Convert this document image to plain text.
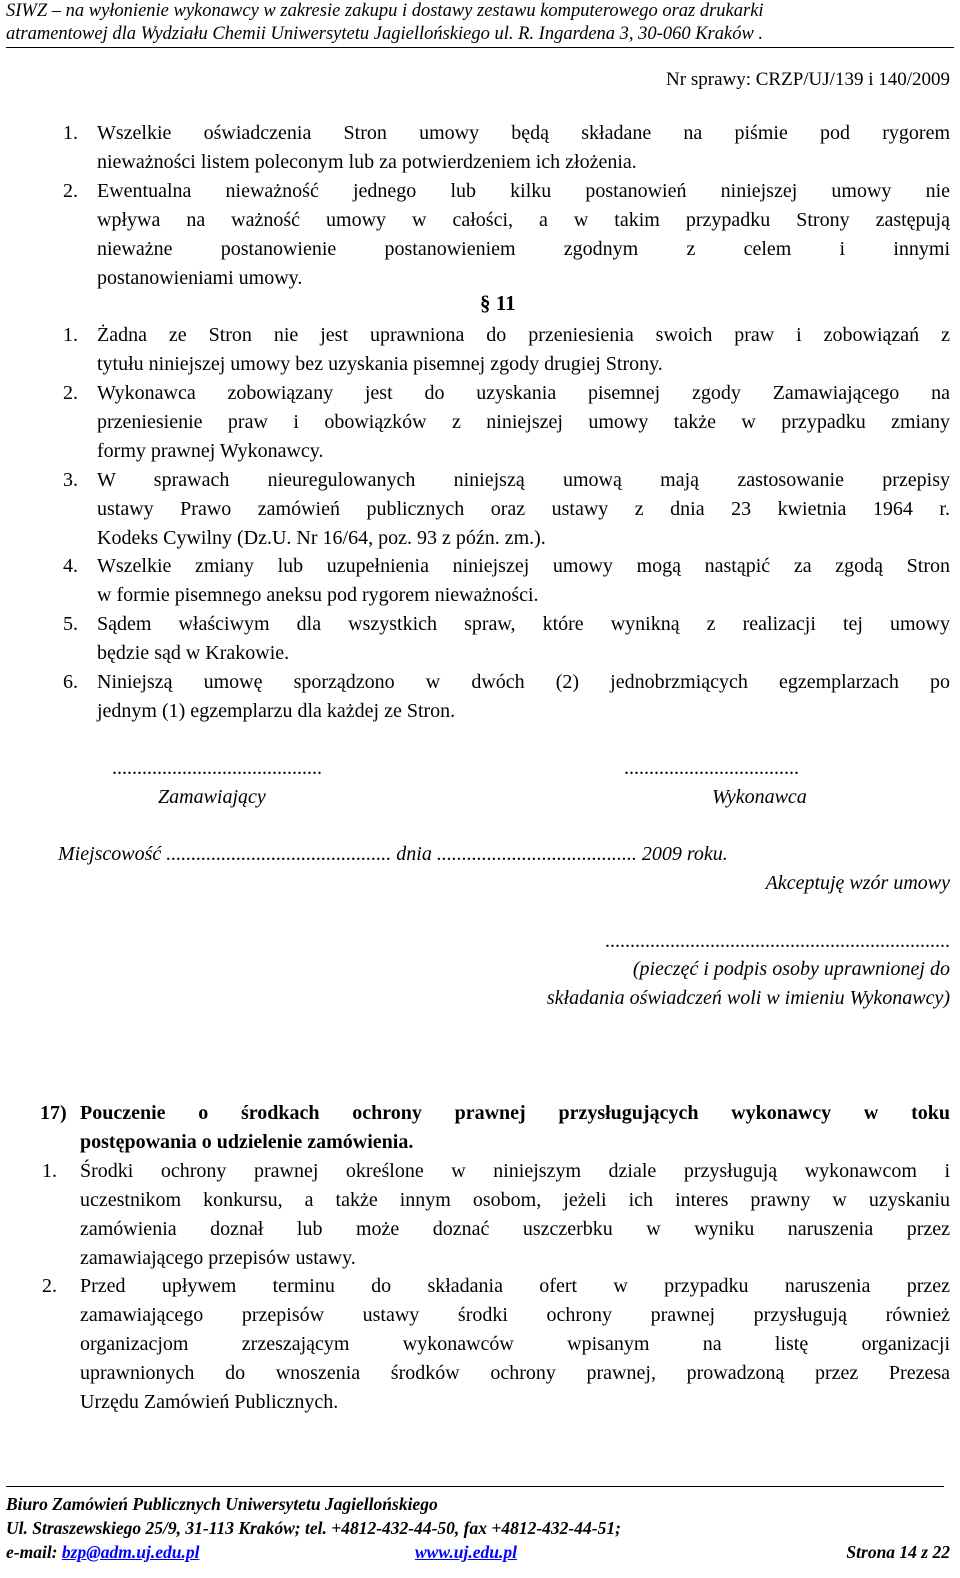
SIWZ – na wyłonienie wykonawcy w zakresie zakupu i dostawy zestawu komputerowego oraz drukarki
atramentowej dla Wydziału Chemii Uniwersytetu Jagiellońskiego ul. R. Ingardena 3, 30-060 Kraków .
Nr sprawy: CRZP/UJ/139 i 140/2009
1. Wszelkie oświadczenia Stron umowy będą składane na piśmie pod rygorem
nieważności listem poleconym lub za potwierdzeniem ich złożenia.
2. Ewentualna nieważność jednego lub kilku postanowień niniejszej umowy nie
wpływa na ważność umowy w całości, a w takim przypadku Strony zastępują
nieważne postanowienie postanowieniem zgodnym z celem i innymi
postanowieniami umowy.
§ 11
1. Żadna ze Stron nie jest uprawniona do przeniesienia swoich praw i zobowiązań z
tytułu niniejszej umowy bez uzyskania pisemnej zgody drugiej Strony.
2. Wykonawca zobowiązany jest do uzyskania pisemnej zgody Zamawiającego na
przeniesienie praw i obowiązków z niniejszej umowy także w przypadku zmiany
formy prawnej Wykonawcy.
3. W sprawach nieuregulowanych niniejszą umową mają zastosowanie przepisy
ustawy Prawo zamówień publicznych oraz ustawy z dnia 23 kwietnia 1964 r.
Kodeks Cywilny (Dz.U. Nr 16/64, poz. 93 z późn. zm.).
4. Wszelkie zmiany lub uzupełnienia niniejszej umowy mogą nastąpić za zgodą Stron
w formie pisemnego aneksu pod rygorem nieważności.
5. Sądem właściwym dla wszystkich spraw, które wynikną z realizacji tej umowy
będzie sąd w Krakowie.
6. Niniejszą umowę sporządzono w dwóch (2) jednobrzmiących egzemplarzach po
jednym (1) egzemplarzu dla każdej ze Stron.
..........................................
Zamawiający
...................................
Wykonawca
Miejscowość ............................................. dnia ........................................ 2009 roku.
Akceptuję wzór umowy
.....................................................................
(pieczęć i podpis osoby uprawnionej do
składania oświadczeń woli w imieniu Wykonawcy)
17) Pouczenie o środkach ochrony prawnej przysługujących wykonawcy w toku
postępowania o udzielenie zamówienia.
1. Środki ochrony prawnej określone w niniejszym dziale przysługują wykonawcom i
uczestnikom konkursu, a także innym osobom, jeżeli ich interes prawny w uzyskaniu
zamówienia doznał lub może doznać uszczerbku w wyniku naruszenia przez
zamawiającego przepisów ustawy.
2. Przed upływem terminu do składania ofert w przypadku naruszenia przez
zamawiającego przepisów ustawy środki ochrony prawnej przysługują również
organizacjom zrzeszającym wykonawców wpisanym na listę organizacji
uprawnionych do wnoszenia środków ochrony prawnej, prowadzoną przez Prezesa
Urzędu Zamówień Publicznych.
Biuro Zamówień Publicznych Uniwersytetu Jagiellońskiego
Ul. Straszewskiego 25/9, 31-113 Kraków; tel. +4812-432-44-50, fax +4812-432-44-51;
e-mail: bzp@adm.uj.edu.pl	www.uj.edu.pl	Strona 14 z 22
